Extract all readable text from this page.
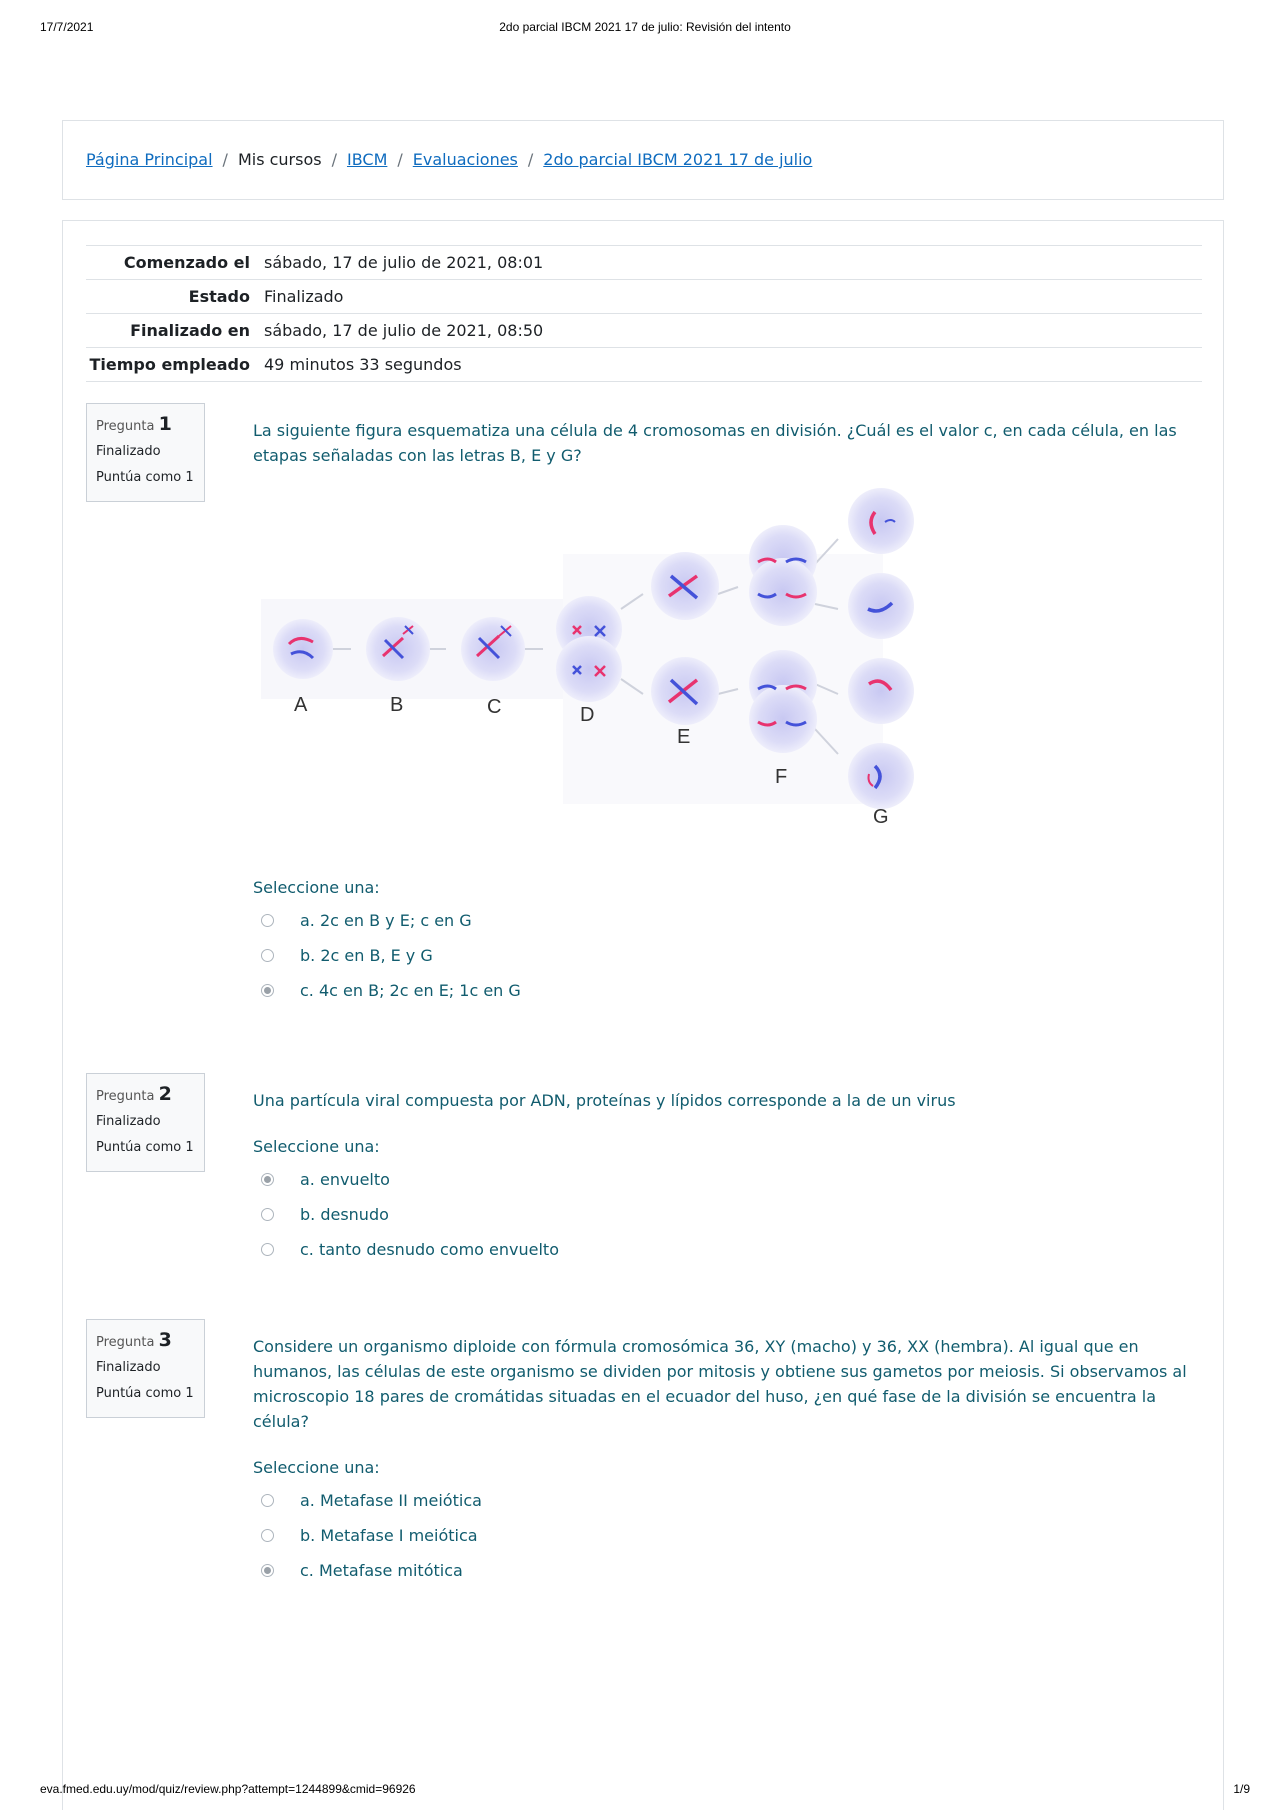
17/7/2021	2do parcial IBCM 2021 17 de julio: Revisión del intento
Página Principal / Mis cursos / IBCM / Evaluaciones / 2do parcial IBCM 2021 17 de julio
Comenzado el	sábado, 17 de julio de 2021, 08:01
Estado	Finalizado
Finalizado en	sábado, 17 de julio de 2021, 08:50
Tiempo empleado	49 minutos 33 segundos
Pregunta 1
Finalizado
Puntúa como 1
La siguiente figura esquematiza una célula de 4 cromosomas en división. ¿Cuál es el valor c, en cada célula, en las etapas señaladas con las letras B, E y G?
A	B	C	D
E
F
G
Seleccione una:
a. 2c en B y E; c en G
b. 2c en B, E y G
c. 4c en B; 2c en E; 1c en G
Pregunta 2
Finalizado
Puntúa como 1
Una partícula viral compuesta por ADN, proteínas y lípidos corresponde a la de un virus
Seleccione una:
a. envuelto
b. desnudo
c. tanto desnudo como envuelto
Pregunta 3
Finalizado
Puntúa como 1
Considere un organismo diploide con fórmula cromosómica 36, XY (macho) y 36, XX (hembra). Al igual que en humanos, las células de este organismo se dividen por mitosis y obtiene sus gametos por meiosis. Si observamos al microscopio 18 pares de cromátidas situadas en el ecuador del huso, ¿en qué fase de la división se encuentra la célula?
Seleccione una:
a. Metafase II meiótica
b. Metafase I meiótica
c. Metafase mitótica
eva.fmed.edu.uy/mod/quiz/review.php?attempt=1244899&cmid=96926	1/9
